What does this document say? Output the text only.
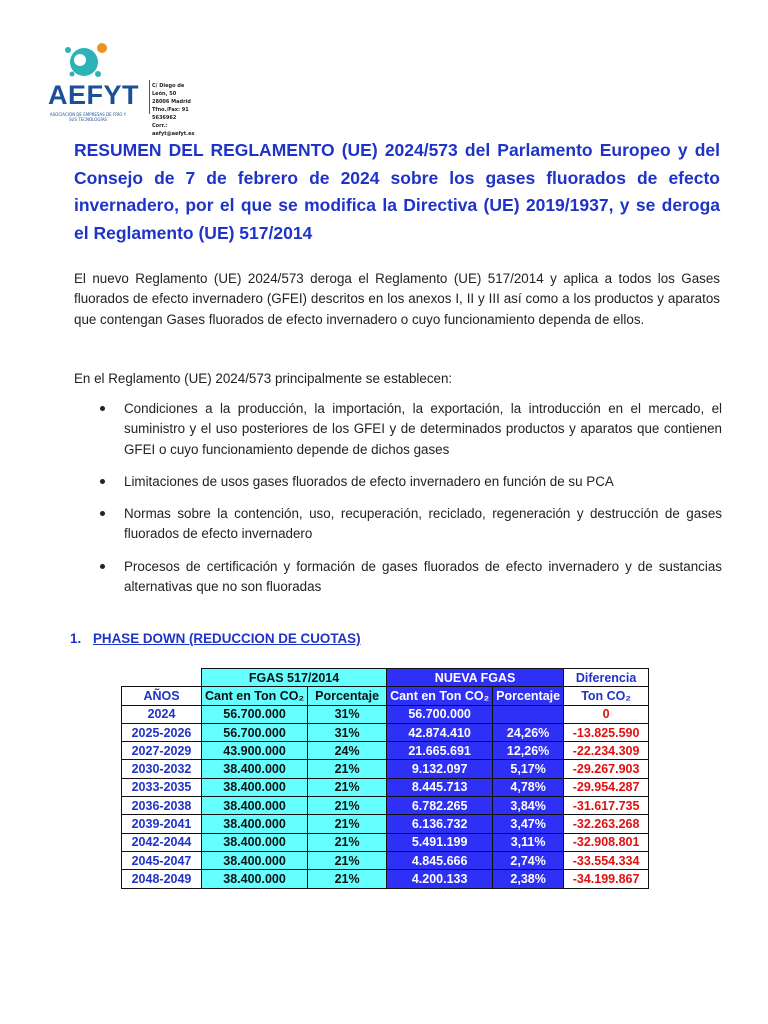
AEFYT
ASOCIACIÓN DE EMPRESAS DE FRÍO Y SUS TECNOLOGÍAS
C/ Diego de León, 50
28006 Madrid
Tfno./Fax: 91 5636962
Corr.: aefyt@aefyt.es
RESUMEN DEL REGLAMENTO (UE) 2024/573 del Parlamento Europeo y del Consejo de 7 de febrero de 2024 sobre los gases fluorados de efecto invernadero, por el que se modifica la Directiva (UE) 2019/1937, y se deroga el Reglamento (UE) 517/2014

El nuevo Reglamento (UE) 2024/573 deroga el Reglamento (UE) 517/2014 y aplica a todos los Gases fluorados de efecto invernadero (GFEI) descritos en los anexos I, II y III así como a los productos y aparatos que contengan Gases fluorados de efecto invernadero o cuyo funcionamiento dependa de ellos.

En el Reglamento (UE) 2024/573 principalmente se establecen:

Condiciones a la producción, la importación, la exportación, la introducción en el mercado, el suministro y el uso posteriores de los GFEI y de determinados productos y aparatos que contienen GFEI o cuyo funcionamiento depende de dichos gases
Limitaciones de usos gases fluorados de efecto invernadero en función de su PCA
Normas sobre la contención, uso, recuperación, reciclado, regeneración y destrucción de gases fluorados de efecto invernadero
Procesos de certificación y formación de gases fluorados de efecto invernadero y de sustancias alternativas que no son fluoradas
1. PHASE DOWN (REDUCCION DE CUOTAS)
	FGAS 517/2014		NUEVA FGAS		Diferencia
AÑOS	Cant en Ton CO₂	Porcentaje	Cant en Ton CO₂	Porcentaje	Ton CO₂
2024	56.700.000	31%	56.700.000		0
2025-2026	56.700.000	31%	42.874.410	24,26%	-13.825.590
2027-2029	43.900.000	24%	21.665.691	12,26%	-22.234.309
2030-2032	38.400.000	21%	9.132.097	5,17%	-29.267.903
2033-2035	38.400.000	21%	8.445.713	4,78%	-29.954.287
2036-2038	38.400.000	21%	6.782.265	3,84%	-31.617.735
2039-2041	38.400.000	21%	6.136.732	3,47%	-32.263.268
2042-2044	38.400.000	21%	5.491.199	3,11%	-32.908.801
2045-2047	38.400.000	21%	4.845.666	2,74%	-33.554.334
2048-2049	38.400.000	21%	4.200.133	2,38%	-34.199.867
